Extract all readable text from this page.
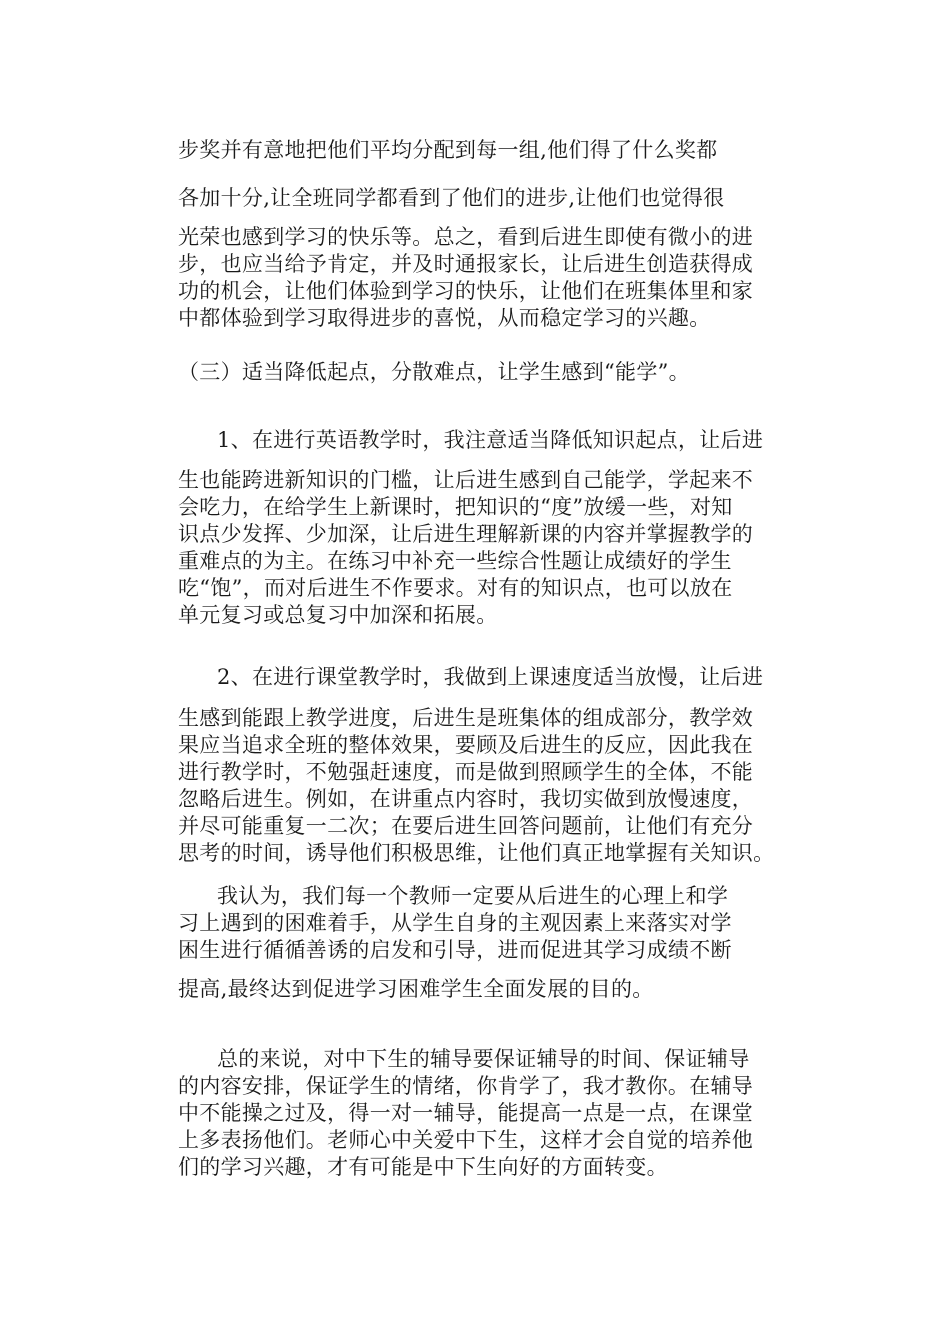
步奖并有意地把他们平均分配到每一组,他们得了什么奖都
各加十分,让全班同学都看到了他们的进步,让他们也觉得很
光荣也感到学习的快乐等。总之，看到后进生即使有微小的进
步，也应当给予肯定，并及时通报家长，让后进生创造获得成
功的机会，让他们体验到学习的快乐，让他们在班集体里和家
中都体验到学习取得进步的喜悦，从而稳定学习的兴趣。
（三）适当降低起点，分散难点，让学生感到“能学”。
1、在进行英语教学时，我注意适当降低知识起点，让后进
生也能跨进新知识的门槛，让后进生感到自己能学，学起来不
会吃力，在给学生上新课时，把知识的“度”放缓一些，对知
识点少发挥、少加深，让后进生理解新课的内容并掌握教学的
重难点的为主。在练习中补充一些综合性题让成绩好的学生
吃“饱”，而对后进生不作要求。对有的知识点，也可以放在
单元复习或总复习中加深和拓展。
2、在进行课堂教学时，我做到上课速度适当放慢，让后进
生感到能跟上教学进度，后进生是班集体的组成部分，教学效
果应当追求全班的整体效果，要顾及后进生的反应，因此我在
进行教学时，不勉强赶速度，而是做到照顾学生的全体，不能
忽略后进生。例如，在讲重点内容时，我切实做到放慢速度，
并尽可能重复一二次；在要后进生回答问题前，让他们有充分
思考的时间，诱导他们积极思维，让他们真正地掌握有关知识。
我认为，我们每一个教师一定要从后进生的心理上和学
习上遇到的困难着手，从学生自身的主观因素上来落实对学
困生进行循循善诱的启发和引导，进而促进其学习成绩不断
提高,最终达到促进学习困难学生全面发展的目的。
总的来说，对中下生的辅导要保证辅导的时间、保证辅导
的内容安排，保证学生的情绪，你肯学了，我才教你。在辅导
中不能操之过及，得一对一辅导，能提高一点是一点，在课堂
上多表扬他们。老师心中关爱中下生，这样才会自觉的培养他
们的学习兴趣，才有可能是中下生向好的方面转变。
